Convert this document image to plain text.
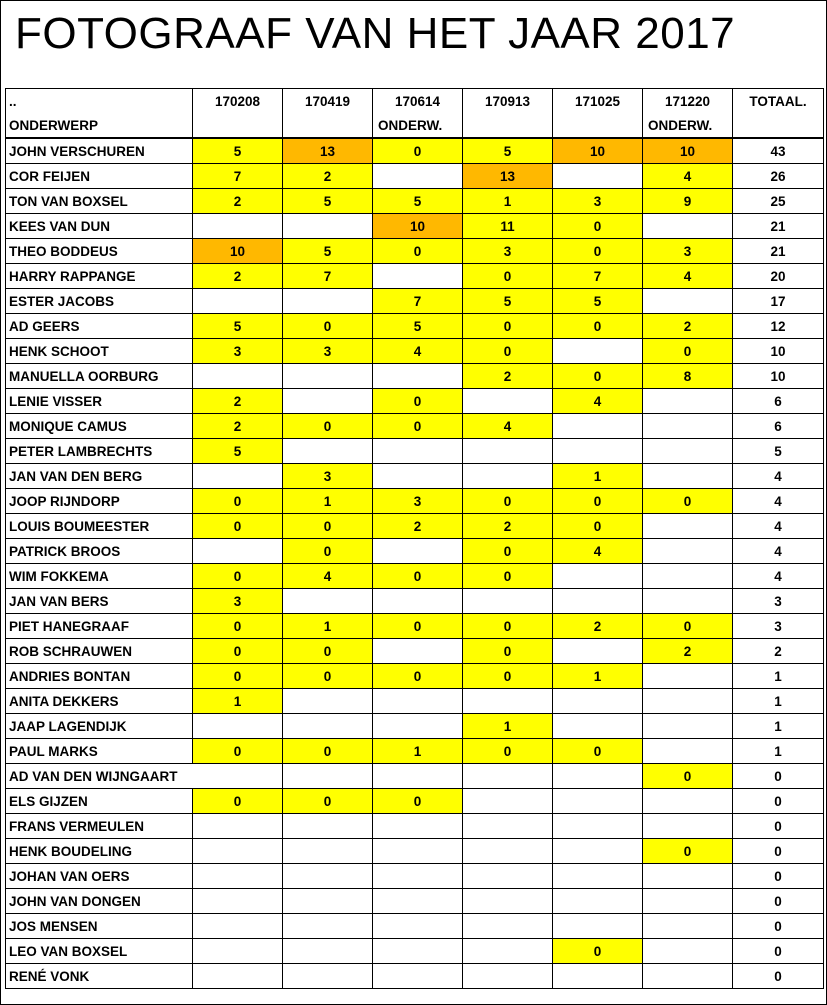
FOTOGRAAF VAN HET JAAR 2017
..	170208	170419	170614	170913	171025	171220	TOTAAL.
ONDERWERP			ONDERW.			ONDERW.	
JOHN VERSCHUREN	5	13	0	5	10	10	43
COR FEIJEN	7	2		13		4	26
TON VAN BOXSEL	2	5	5	1	3	9	25
KEES VAN DUN			10	11	0		21
THEO BODDEUS	10	5	0	3	0	3	21
HARRY RAPPANGE	2	7		0	7	4	20
ESTER JACOBS			7	5	5		17
AD GEERS	5	0	5	0	0	2	12
HENK SCHOOT	3	3	4	0		0	10
MANUELLA OORBURG				2	0	8	10
LENIE VISSER	2		0		4		6
MONIQUE CAMUS	2	0	0	4			6
PETER LAMBRECHTS	5						5
JAN VAN DEN BERG		3			1		4
JOOP RIJNDORP	0	1	3	0	0	0	4
LOUIS BOUMEESTER	0	0	2	2	0		4
PATRICK BROOS		0		0	4		4
WIM FOKKEMA	0	4	0	0			4
JAN VAN BERS	3						3
PIET HANEGRAAF	0	1	0	0	2	0	3
ROB SCHRAUWEN	0	0		0		2	2
ANDRIES BONTAN	0	0	0	0	1		1
ANITA DEKKERS	1						1
JAAP LAGENDIJK				1			1
PAUL MARKS	0	0	1	0	0		1
AD VAN DEN WIJNGAART						0	0
ELS GIJZEN	0	0	0				0
FRANS VERMEULEN							0
HENK BOUDELING						0	0
JOHAN VAN OERS							0
JOHN VAN DONGEN							0
JOS MENSEN							0
LEO VAN BOXSEL					0		0
RENÉ VONK							0
